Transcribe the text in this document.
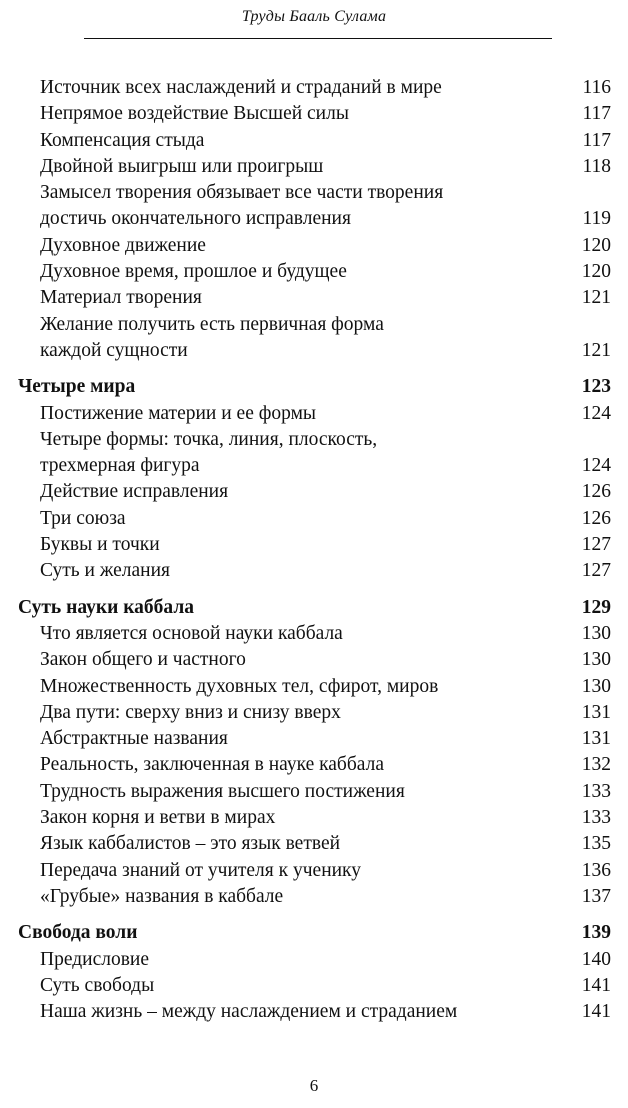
Труды Бааль Сулама
Источник всех наслаждений и страданий в мире	116
Непрямое воздействие Высшей силы	117
Компенсация стыда	117
Двойной выигрыш или проигрыш	118
Замысел творения обязывает все части творения
достичь окончательного исправления	119
Духовное движение	120
Духовное время, прошлое и будущее	120
Материал творения	121
Желание получить есть первичная форма
каждой сущности	121
Четыре мира	123
Постижение материи и ее формы	124
Четыре формы: точка, линия, плоскость,
трехмерная фигура	124
Действие исправления	126
Три союза	126
Буквы и точки	127
Суть и желания	127
Суть науки каббала	129
Что является основой науки каббала	130
Закон общего и частного	130
Множественность духовных тел, сфирот, миров	130
Два пути: сверху вниз и снизу вверх	131
Абстрактные названия	131
Реальность, заключенная в науке каббала	132
Трудность выражения высшего постижения	133
Закон корня и ветви в мирах	133
Язык каббалистов – это язык ветвей	135
Передача знаний от учителя к ученику	136
«Грубые» названия в каббале	137
Свобода воли	139
Предисловие	140
Суть свободы	141
Наша жизнь – между наслаждением и страданием	141
6
